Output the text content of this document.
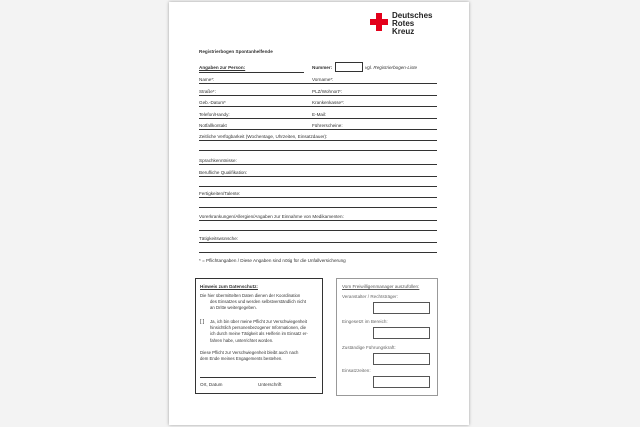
Deutsches
Rotes
Kreuz
Registrierbogen Spontanhelfende
Angaben zur Person:	Nummer:	vgl. Registrierbogen-Liste
Name*:	Vorname*:
Straße*:	PLZ/Wohnort*:
Geb.-Datum*	Krankenkasse*:
Telefon/Handy:	E-Mail:
Notfallkontakt	Führerscheine:
Zeitliche Verfügbarkeit (Wochentage, Uhrzeiten, Einsatzdauer):
Sprachkenntnisse:
Berufliche Qualifikation:
Fertigkeiten/Talente:
Vorerkrankungen/Allergien/Angaben zur Einnahme von Medikamenten:
Tätigkeitswünsche:
* = Pflichtangaben / Diese Angaben sind nötig für die Unfallversicherung
Hinweis zum Datenschutz:
Die hier übermittelten Daten dienen der Koordination
des Einsatzes und werden selbstverständlich nicht
an Dritte weitergegeben.
[ ] Ja, ich bin über meine Pflicht zur Verschwiegenheit
hinsichtlich personenbezogener Informationen, die
ich durch meine Tätigkeit als Helferin im Einsatz er-
fahren habe, unterrichtet worden.
Diese Pflicht zur Verschwiegenheit bleibt auch nach
dem Ende meines Engagements bestehen.
Ort, Datum	Unterschrift
Vom Freiwilligenmanager auszufüllen:
Veranstalter / Rechtsträger:
Eingesetzt im Bereich:
Zuständige Führungskraft:
Einsatzzeiten:
